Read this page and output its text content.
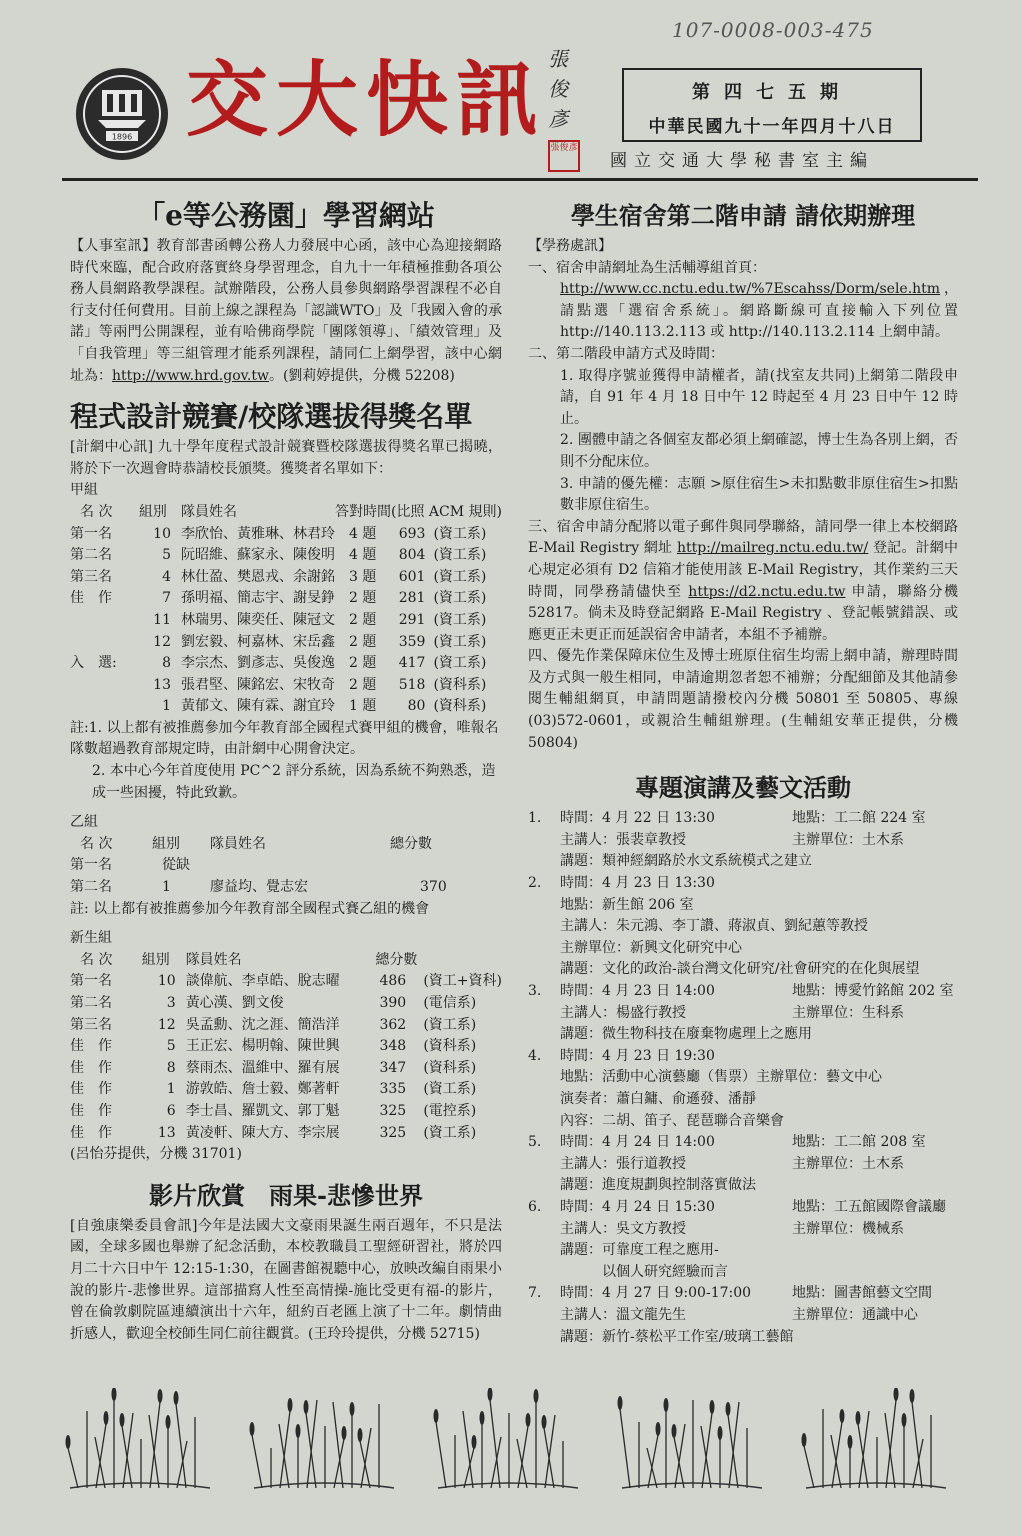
107-0008-003-475
1896 交大快訊 張俊彥
張俊彥
第四七五期
中華民國九十一年四月十八日
國立交通大學秘書室主編
「e等公務園」學習網站

【人事室訊】教育部書函轉公務人力發展中心函，該中心為迎接網路時代來臨，配合政府落實終身學習理念，自九十一年積極推動各項公務人員網路教學課程。試辦階段，公務人員參與網路學習課程不必自行支付任何費用。目前上線之課程為「認識WTO」及「我國入會的承諾」等兩門公開課程，並有哈佛商學院「團隊領導」、「績效管理」及「自我管理」等三組管理才能系列課程，請同仁上網學習，該中心網址為：http://www.hrd.gov.tw。(劉莉婷提供，分機 52208)

程式設計競賽/校隊選拔得獎名單

[計網中心訊] 九十學年度程式設計競賽暨校隊選拔得獎名單已揭曉，將於下一次週會時恭請校長頒獎。獲獎者名單如下：

甲組
名 次	組別	隊員姓名	答對時間(比照 ACM 規則)		
第一名	10	李欣怡、黃雅琳、林君玲	4 題	693	(資工系)
第二名	5	阮昭維、蘇家永、陳俊明	4 題	804	(資工系)
第三名	4	林仕盈、樊恩戎、余謝銘	3 題	601	(資工系)
佳　作	7	孫明福、簡志宇、謝旻錚	2 題	281	(資工系)
	11	林瑞男、陳奕任、陳冠文	2 題	291	(資工系)
	12	劉宏毅、柯嘉林、宋岳鑫	2 題	359	(資工系)
入　選:	8	李宗杰、劉彥志、吳俊逸	2 題	417	(資工系)
	13	張君堅、陳銘宏、宋牧奇	2 題	518	(資科系)
	1	黃郁文、陳有霖、謝宜玲	1 題	80	(資科系)
註:1. 以上都有被推薦參加今年教育部全國程式賽甲組的機會，唯報名隊數超過教育部規定時，由計網中心開會決定。
2. 本中心今年首度使用 PC^2 評分系統，因為系統不夠熟悉，造成一些困擾，特此致歉。
乙組
名 次	組別	隊員姓名	總分數
第一名	從缺		
第二名	1	廖益均、覺志宏	370
註: 以上都有被推薦參加今年教育部全國程式賽乙組的機會
新生組
名 次	組別	隊員姓名	總分數	
第一名	10	談偉航、李卓皓、脫志曜	486	(資工+資科)
第二名	3	黃心漢、劉文俊	390	(電信系)
第三名	12	吳孟勳、沈之涯、簡浩洋	362	(資工系)
佳　作	5	王正宏、楊明翰、陳世興	348	(資科系)
佳　作	8	蔡雨杰、溫維中、羅有展	347	(資科系)
佳　作	1	游敦皓、詹士毅、鄭著軒	335	(資工系)
佳　作	6	李士昌、羅凱文、郭丁魁	325	(電控系)
佳　作	13	黃凌軒、陳大方、李宗展	325	(資工系)
(呂怡芬提供，分機 31701)
影片欣賞　雨果-悲慘世界

[自強康樂委員會訊]今年是法國大文豪雨果誕生兩百週年，不只是法國，全球多國也舉辦了紀念活動，本校教職員工聖經研習社，將於四月二十六日中午 12:15-1:30，在圖書館視聽中心，放映改編自雨果小說的影片-悲慘世界。這部描寫人性至高情操-施比受更有福-的影片，曾在倫敦劇院區連續演出十六年，紐約百老匯上演了十二年。劇情曲折感人，歡迎全校師生同仁前往觀賞。(王玲玲提供，分機 52715)

學生宿舍第二階申請 請依期辦理
【學務處訊】
一、宿舍申請網址為生活輔導組首頁：

http://www.cc.nctu.edu.tw/%7Escahss/Dorm/sele.htm，請點選「選宿舍系統」。網路斷線可直接輸入下列位置http://140.113.2.113 或 http://140.113.2.114 上網申請。

二、第二階段申請方式及時間：

1. 取得序號並獲得申請權者，請(找室友共同)上網第二階段申請，自 91 年 4 月 18 日中午 12 時起至 4 月 23 日中午 12 時止。

2. 團體申請之各個室友都必須上網確認，博士生為各別上網，否則不分配床位。

3. 申請的優先權：志願 >原住宿生>未扣點數非原住宿生>扣點數非原住宿生。

三、宿舍申請分配將以電子郵件與同學聯絡，請同學一律上本校網路 E-Mail Registry 網址 http://mailreg.nctu.edu.tw/ 登記。計網中心規定必須有 D2 信箱才能使用該 E-Mail Registry，其作業約三天時間，同學務請儘快至 https://d2.nctu.edu.tw 申請，聯絡分機 52817。倘未及時登記網路 E-Mail Registry 、登記帳號錯誤、或應更正未更正而延誤宿舍申請者，本組不予補辦。

四、優先作業保障床位生及博士班原住宿生均需上網申請，辦理時間及方式與一般生相同，申請逾期忽者恕不補辦；分配細節及其他請參閱生輔組網頁，申請問題請撥校內分機 50801 至 50805、專線(03)572-0601，或親洽生輔組辦理。(生輔組安華正提供，分機 50804)

專題演講及藝文活動
1.	時間：4 月 22 日 13:30	地點：工二館 224 室
主講人：張裴章教授	主辦單位：土木系
講題：類神經網路於水文系統模式之建立
2.	時間：4 月 23 日 13:30
地點：新生館 206 室
主講人：朱元鴻、李丁讚、蔣淑貞、劉紀蕙等教授
主辦單位：新興文化研究中心
講題：文化的政治-談台灣文化研究/社會研究的在化與展望
3.	時間：4 月 23 日 14:00	地點：博愛竹銘館 202 室
主講人：楊盛行教授	主辦單位：生科系
講題：微生物科技在廢棄物處理上之應用
4.	時間：4 月 23 日 19:30
地點：活動中心演藝廳（售票）主辦單位：藝文中心
演奏者：蕭白鏞、俞遜發、潘靜
內容：二胡、笛子、琵琶聯合音樂會
5.	時間：4 月 24 日 14:00	地點：工二館 208 室
主講人：張行道教授	主辦單位：土木系
講題：進度規劃與控制落實做法
6.	時間：4 月 24 日 15:30	地點：工五館國際會議廳
主講人：吳文方教授	主辦單位：機械系
講題：可靠度工程之應用-
　　　以個人研究經驗而言
7.	時間：4 月 27 日 9:00-17:00	地點：圖書館藝文空間
主講人：溫文龍先生	主辦單位：通識中心
講題：新竹-蔡松平工作室/玻璃工藝館
